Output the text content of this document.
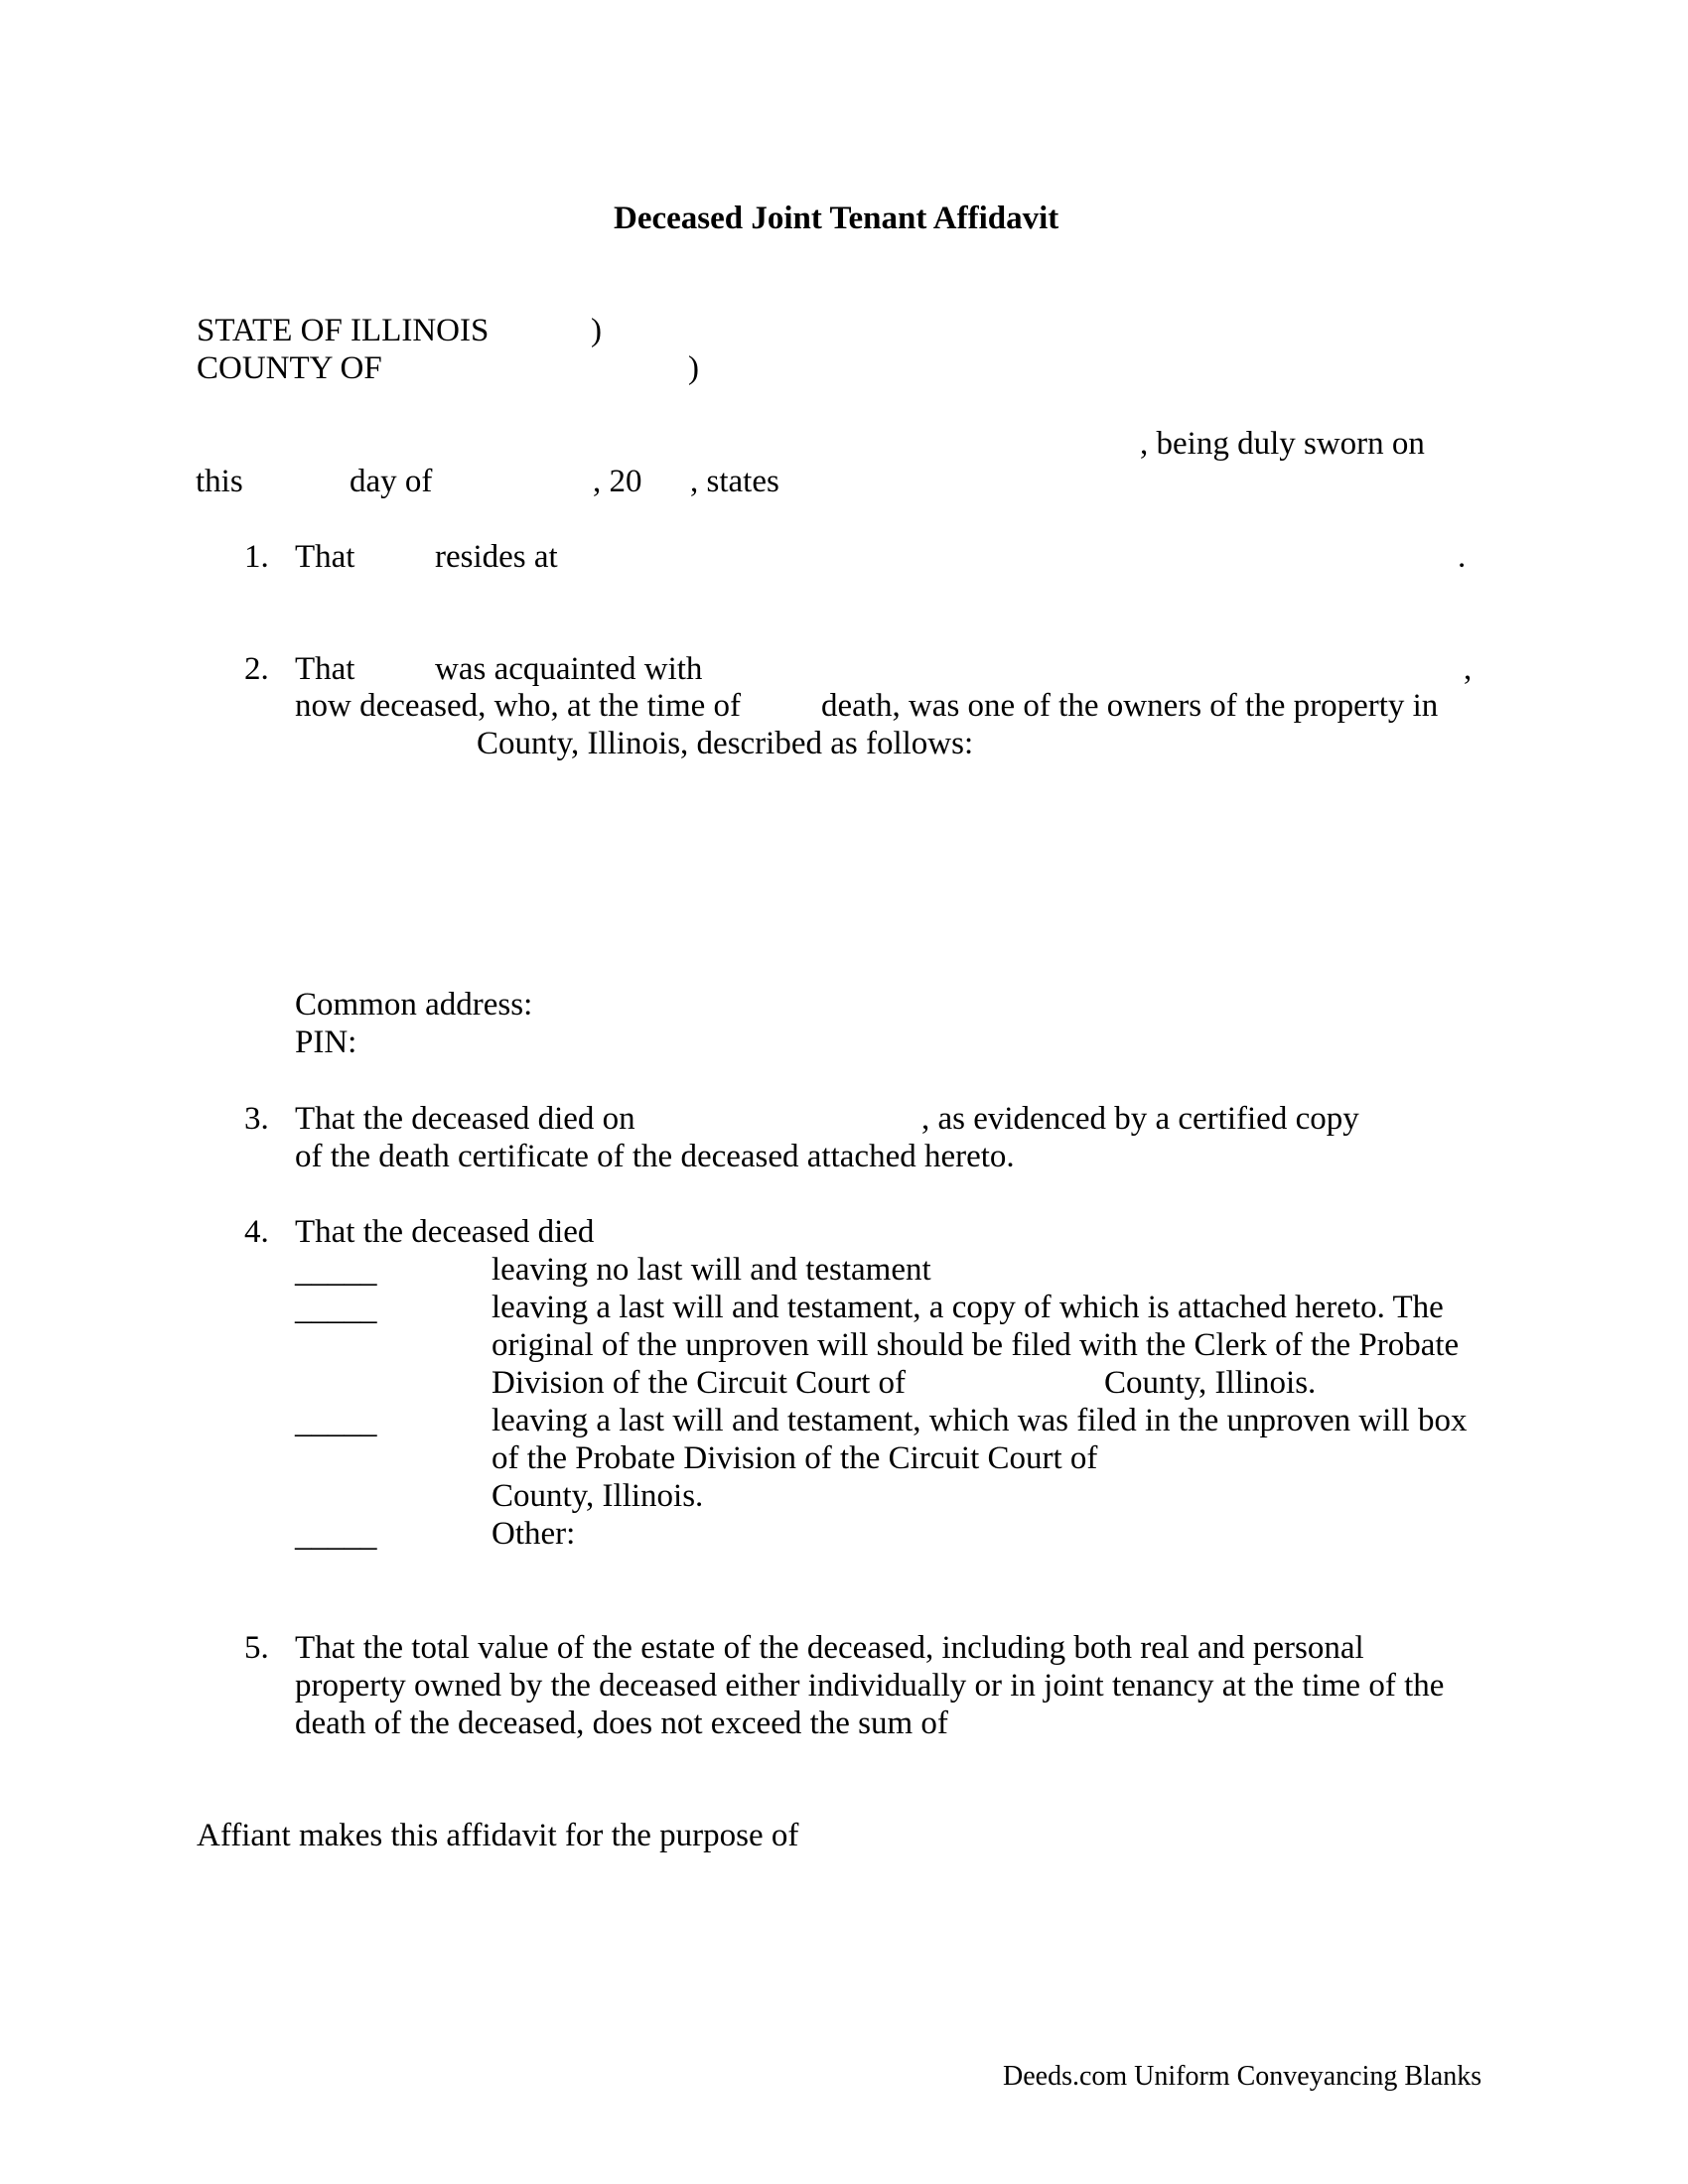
Deceased Joint Tenant Affidavit
STATE OF ILLINOIS	)
COUNTY OF	)
, being duly sworn on
this	day of	, 20 , states
1. That resides at	.
2. That was acquainted with	,
now deceased, who, at the time of death, was one of the owners of the property in
County, Illinois, described as follows:
Common address:
PIN:
3. That the deceased died on	, as evidenced by a certified copy
of the death certificate of the deceased attached hereto.
4. That the deceased died
_____	leaving no last will and testament
_____	leaving a last will and testament, a copy of which is attached hereto. The
original of the unproven will should be filed with the Clerk of the Probate
Division of the Circuit Court of	County, Illinois.
_____	leaving a last will and testament, which was filed in the unproven will box
of the Probate Division of the Circuit Court of
County, Illinois.
Other:
_____
5. That the total value of the estate of the deceased, including both real and personal
property owned by the deceased either individually or in joint tenancy at the time of the
death of the deceased, does not exceed the sum of
Affiant makes this affidavit for the purpose of
Deeds.com Uniform Conveyancing Blanks
